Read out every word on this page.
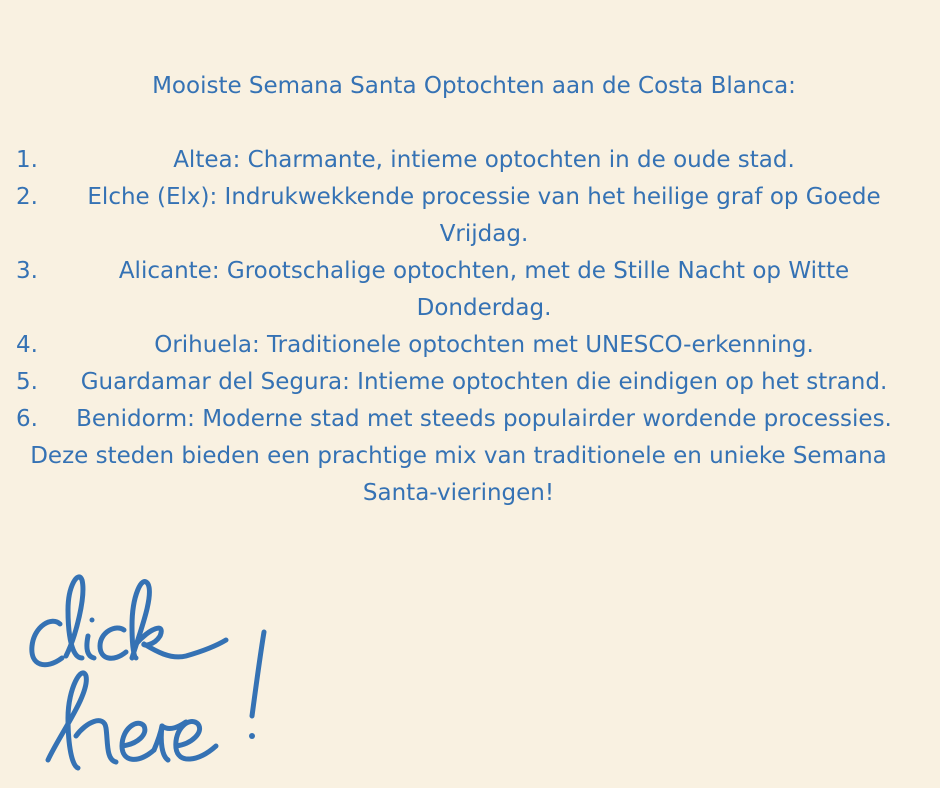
Mooiste Semana Santa Optochten aan de Costa Blanca:

1.	Altea: Charmante, intieme optochten in de oude stad.
2.	Elche (Elx): Indrukwekkende processie van het heilige graf op Goede Vrijdag.
3.	Alicante: Grootschalige optochten, met de Stille Nacht op Witte Donderdag.
4.	Orihuela: Traditionele optochten met UNESCO-erkenning.
5.	Guardamar del Segura: Intieme optochten die eindigen op het strand.
6.	Benidorm: Moderne stad met steeds populairder wordende processies.

Deze steden bieden een prachtige mix van traditionele en unieke Semana Santa-vieringen!
